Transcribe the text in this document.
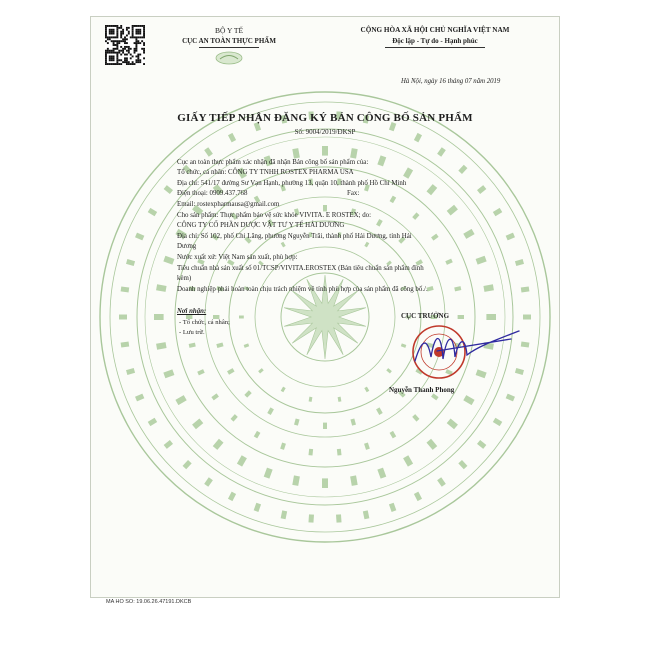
BỘ Y TẾ
CỤC AN TOÀN THỰC PHẨM
CỘNG HÒA XÃ HỘI CHỦ NGHĨA VIỆT NAM
Độc lập - Tự do - Hạnh phúc
Hà Nội, ngày 16 tháng 07 năm 2019
GIẤY TIẾP NHẬN ĐĂNG KÝ BẢN CÔNG BỐ SẢN PHẨM
Số: 9004/2019/ĐKSP
Cục an toàn thực phẩm xác nhận đã nhận Bản công bố sản phẩm của:
Tổ chức, cá nhân: CÔNG TY TNHH ROSTEX PHARMA USA
Địa chỉ: 541/17 đường Sư Vạn Hạnh, phường 13, quận 10, thành phố Hồ Chí Minh
Điện thoại: 0909.437.768	Fax:
Email: rostexpharmausa@gmail.com
Cho sản phẩm: Thực phẩm bảo vệ sức khỏe VIVITA. E ROSTEX; do:
CÔNG TY CỔ PHẦN DƯỢC VẬT TƯ Y TẾ HẢI DƯƠNG
Địa chỉ: Số 102, phố Chi Lăng, phường Nguyễn Trãi, thành phố Hải Dương, tỉnh Hải
Dương
Nước xuất xứ: Việt Nam sản xuất, phù hợp:
Tiêu chuẩn nhà sản xuất số 01/TCSP/VIVITA.EROSTEX (Bản tiêu chuẩn sản phẩm đính
kèm)
Doanh nghiệp phải hoàn toàn chịu trách nhiệm về tính phù hợp của sản phẩm đã công bố./.
Nơi nhận:
- Tổ chức, cá nhân;
- Lưu trữ.
CỤC TRƯỞNG
Nguyễn Thanh Phong
MA HO SO: 19.06.26.47191.DKCB
